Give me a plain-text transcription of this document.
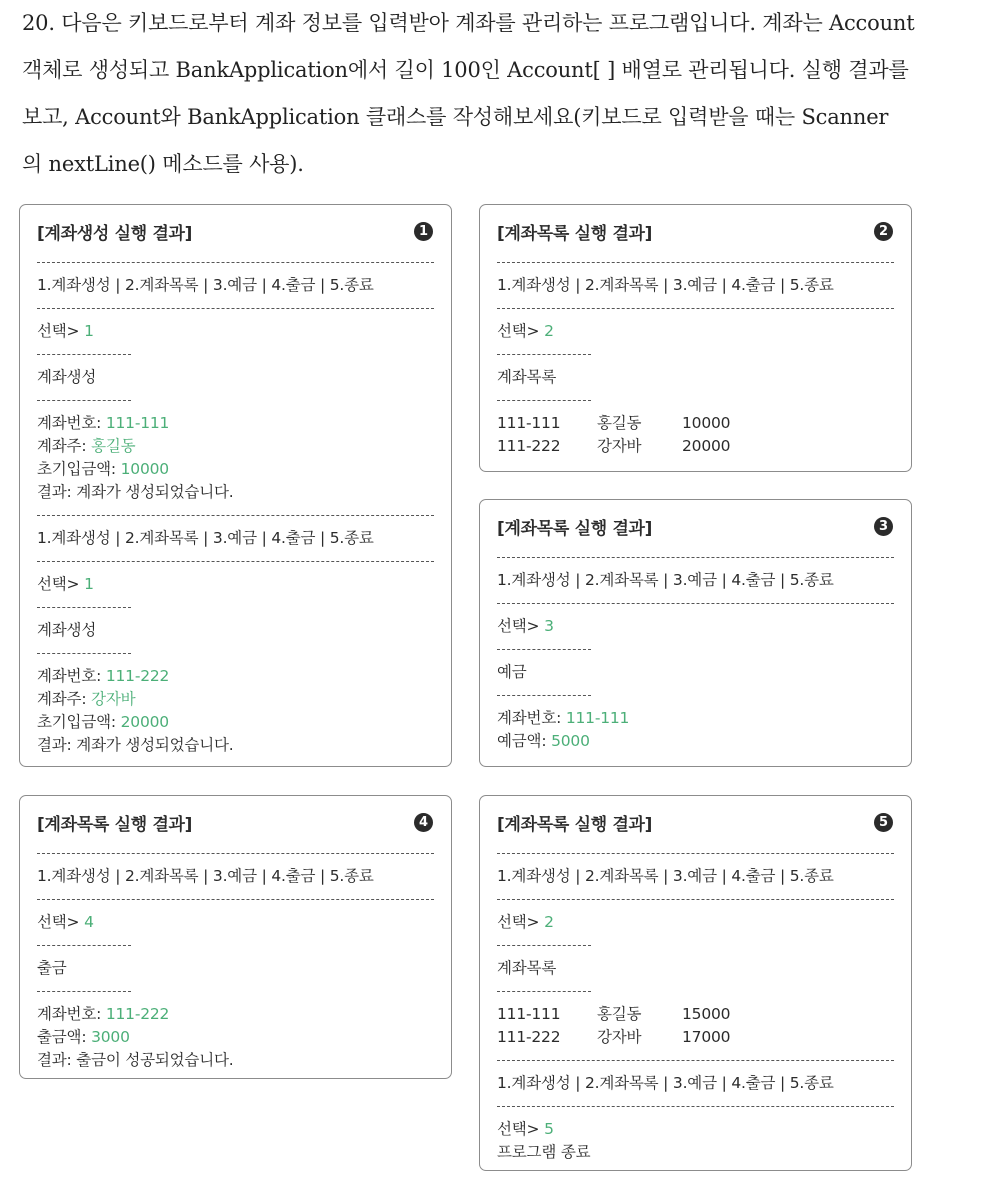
20. 다음은 키보드로부터 계좌 정보를 입력받아 계좌를 관리하는 프로그램입니다. 계좌는 Account
객체로 생성되고 BankApplication에서 길이 100인 Account[ ] 배열로 관리됩니다. 실행 결과를
보고, Account와 BankApplication 클래스를 작성해보세요(키보드로 입력받을 때는 Scanner
의 nextLine() 메소드를 사용).
[계좌생성 실행 결과]	1
1.계좌생성 | 2.계좌목록 | 3.예금 | 4.출금 | 5.종료
선택> 1
계좌생성
계좌번호: 111-111
계좌주: 홍길동
초기입금액: 10000
결과: 계좌가 생성되었습니다.
1.계좌생성 | 2.계좌목록 | 3.예금 | 4.출금 | 5.종료
선택> 1
계좌생성
계좌번호: 111-222
계좌주: 강자바
초기입금액: 20000
결과: 계좌가 생성되었습니다.
[계좌목록 실행 결과]	2
1.계좌생성 | 2.계좌목록 | 3.예금 | 4.출금 | 5.종료
선택> 2
계좌목록
111-111 홍길동	10000
111-222 강자바	20000
[계좌목록 실행 결과]	3
1.계좌생성 | 2.계좌목록 | 3.예금 | 4.출금 | 5.종료
선택> 3
예금
계좌번호: 111-111
예금액: 5000
[계좌목록 실행 결과]	4
1.계좌생성 | 2.계좌목록 | 3.예금 | 4.출금 | 5.종료
선택> 4
출금
계좌번호: 111-222
출금액: 3000
결과: 출금이 성공되었습니다.
[계좌목록 실행 결과]	5
1.계좌생성 | 2.계좌목록 | 3.예금 | 4.출금 | 5.종료
선택> 2
계좌목록
111-111 홍길동	15000
111-222 강자바	17000
1.계좌생성 | 2.계좌목록 | 3.예금 | 4.출금 | 5.종료
선택> 5
프로그램 종료
